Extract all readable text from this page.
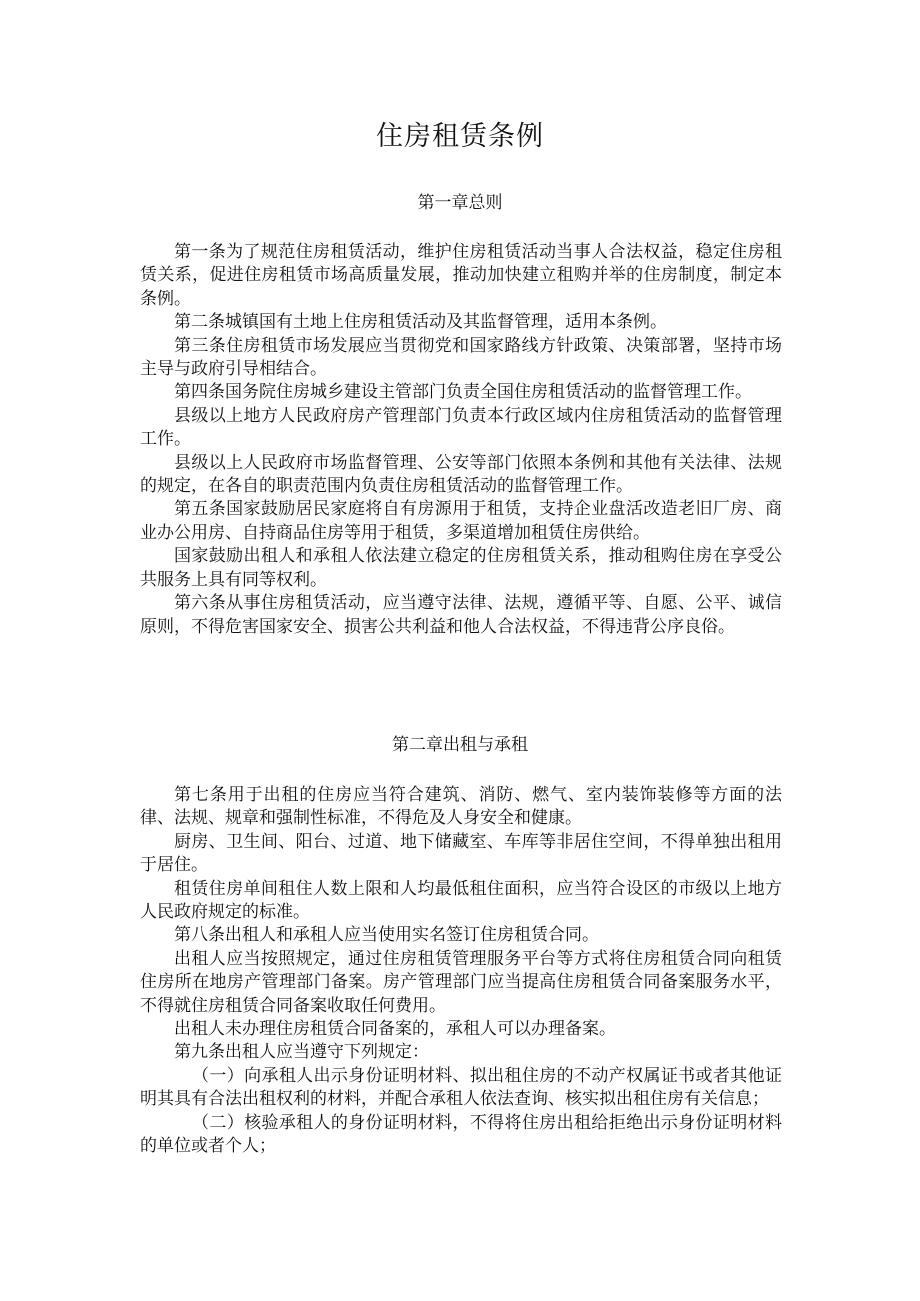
住房租赁条例
第一章总则

第一条为了规范住房租赁活动，维护住房租赁活动当事人合法权益，稳定住房租赁关系，促进住房租赁市场高质量发展，推动加快建立租购并举的住房制度，制定本条例。

第二条城镇国有土地上住房租赁活动及其监督管理，适用本条例。

第三条住房租赁市场发展应当贯彻党和国家路线方针政策、决策部署，坚持市场主导与政府引导相结合。

第四条国务院住房城乡建设主管部门负责全国住房租赁活动的监督管理工作。

县级以上地方人民政府房产管理部门负责本行政区域内住房租赁活动的监督管理工作。

县级以上人民政府市场监督管理、公安等部门依照本条例和其他有关法律、法规的规定，在各自的职责范围内负责住房租赁活动的监督管理工作。

第五条国家鼓励居民家庭将自有房源用于租赁，支持企业盘活改造老旧厂房、商业办公用房、自持商品住房等用于租赁，多渠道增加租赁住房供给。

国家鼓励出租人和承租人依法建立稳定的住房租赁关系，推动租购住房在享受公共服务上具有同等权利。

第六条从事住房租赁活动，应当遵守法律、法规，遵循平等、自愿、公平、诚信原则，不得危害国家安全、损害公共利益和他人合法权益，不得违背公序良俗。

第二章出租与承租

第七条用于出租的住房应当符合建筑、消防、燃气、室内装饰装修等方面的法律、法规、规章和强制性标准，不得危及人身安全和健康。

厨房、卫生间、阳台、过道、地下储藏室、车库等非居住空间，不得单独出租用于居住。

租赁住房单间租住人数上限和人均最低租住面积，应当符合设区的市级以上地方人民政府规定的标准。

第八条出租人和承租人应当使用实名签订住房租赁合同。

出租人应当按照规定，通过住房租赁管理服务平台等方式将住房租赁合同向租赁住房所在地房产管理部门备案。房产管理部门应当提高住房租赁合同备案服务水平，不得就住房租赁合同备案收取任何费用。

出租人未办理住房租赁合同备案的，承租人可以办理备案。

第九条出租人应当遵守下列规定：

（一）向承租人出示身份证明材料、拟出租住房的不动产权属证书或者其他证明其具有合法出租权利的材料，并配合承租人依法查询、核实拟出租住房有关信息；

（二）核验承租人的身份证明材料，不得将住房出租给拒绝出示身份证明材料的单位或者个人；
